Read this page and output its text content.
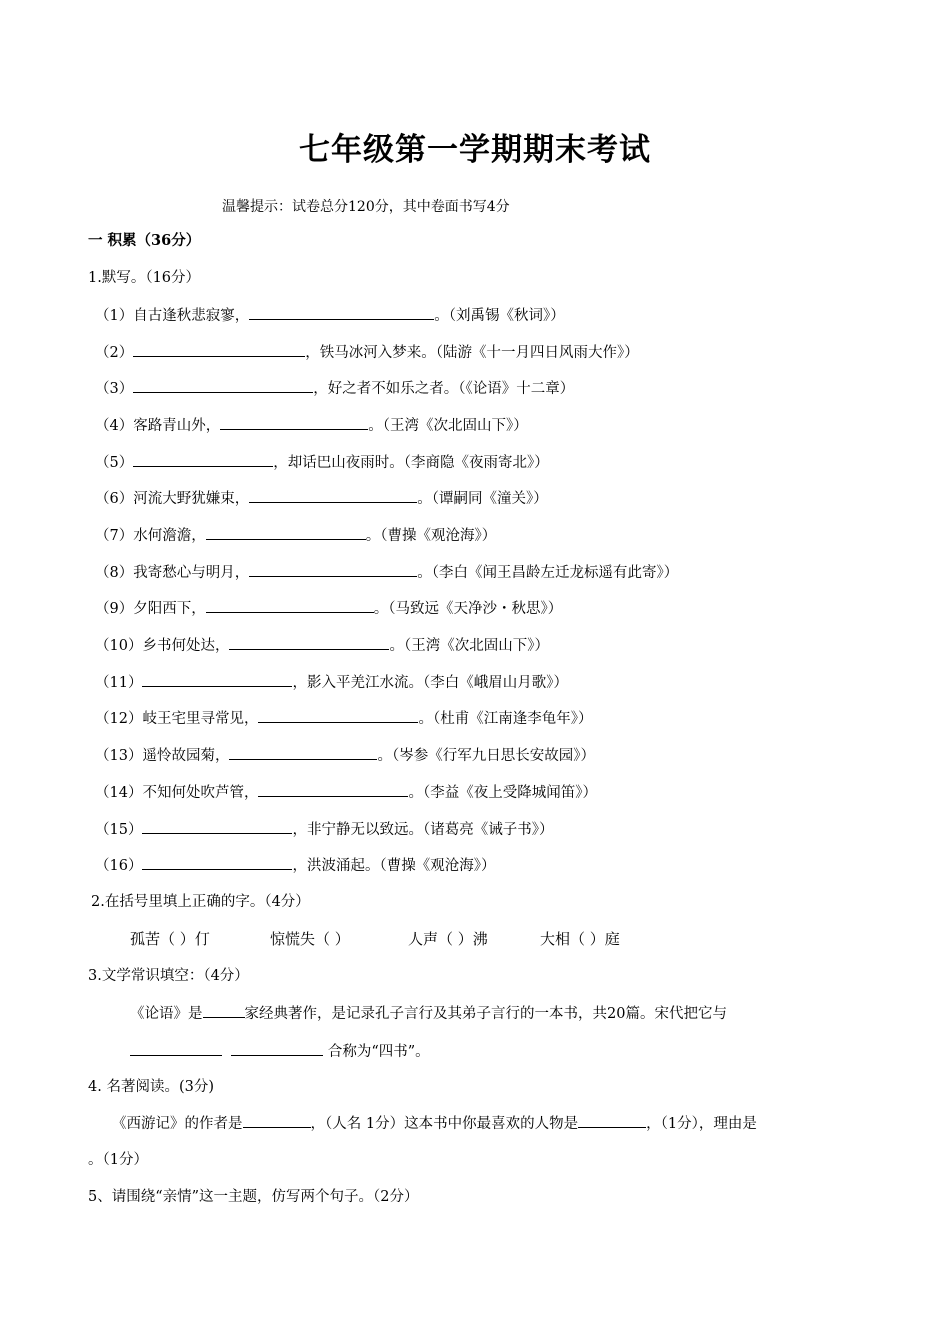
七年级第一学期期末考试
温馨提示：试卷总分120分，其中卷面书写4分
一 积累（36分）
1.默写。（16分）
（1）自古逢秋悲寂寥，	。（刘禹锡《秋词》）
（2）	，铁马冰河入梦来。（陆游《十一月四日风雨大作》）
（3）	，好之者不如乐之者。（《论语》十二章）
（4）客路青山外，	。（王湾《次北固山下》）
（5）	，却话巴山夜雨时。（李商隐《夜雨寄北》）
（6）河流大野犹嫌束，	。（谭嗣同《潼关》）
（7）水何澹澹，	。（曹操《观沧海》）
（8）我寄愁心与明月，	。（李白《闻王昌龄左迁龙标遥有此寄》）
（9）夕阳西下，	。（马致远《天净沙・秋思》）
（10）乡书何处达，	。（王湾《次北固山下》）
（11）	，影入平羌江水流。（李白《峨眉山月歌》）
（12）岐王宅里寻常见，	。（杜甫《江南逢李龟年》）
（13）遥怜故园菊，	。（岑参《行军九日思长安故园》）
（14）不知何处吹芦管，	。（李益《夜上受降城闻笛》）
（15）	，非宁静无以致远。（诸葛亮《诫子书》）
（16）	，洪波涌起。（曹操《观沧海》）
2.在括号里填上正确的字。（4分）
孤苦（ ）仃	惊慌失（ ）	人声（ ）沸	大相（ ）庭
3.文学常识填空：（4分）
《论语》是	家经典著作，是记录孔子言行及其弟子言行的一本书，共20篇。宋代把它与
合称为“四书”。
4. 名著阅读。(3分)
《西游记》的作者是	，（人名 1分）这本书中你最喜欢的人物是	，（1分），理由是
。（1分）
5、请围绕“亲情”这一主题，仿写两个句子。（2分）
